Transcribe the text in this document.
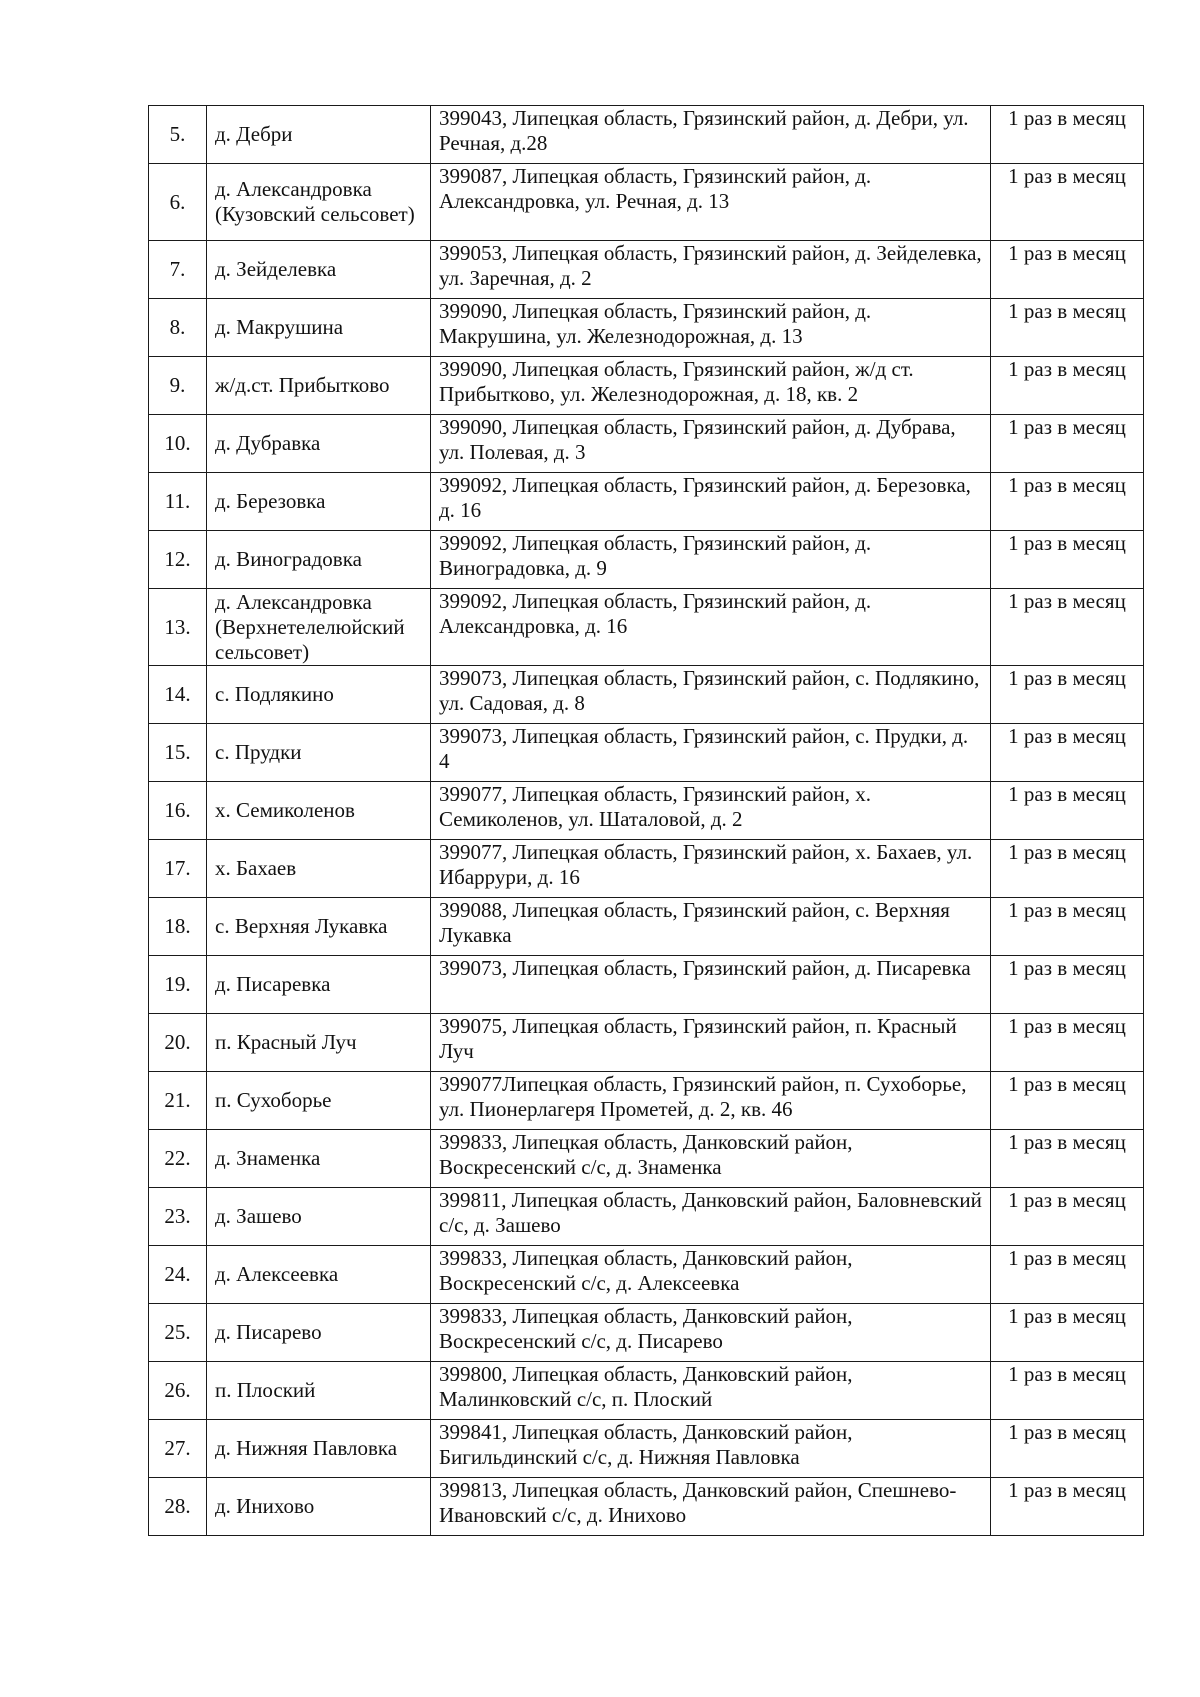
5.	д. Дебри	399043, Липецкая область, Грязинский район, д. Дебри, ул. Речная, д.28	1 раз в месяц
6.	д. Александровка (Кузовский сельсовет)	399087, Липецкая область, Грязинский район, д. Александровка, ул. Речная, д. 13	1 раз в месяц
7.	д. Зейделевка	399053, Липецкая область, Грязинский район, д. Зейделевка, ул. Заречная, д. 2	1 раз в месяц
8.	д. Макрушина	399090, Липецкая область, Грязинский район, д. Макрушина, ул. Железнодорожная, д. 13	1 раз в месяц
9.	ж/д.ст. Прибытково	399090, Липецкая область, Грязинский район, ж/д ст. Прибытково, ул. Железнодорожная, д. 18, кв. 2	1 раз в месяц
10.	д. Дубравка	399090, Липецкая область, Грязинский район, д. Дубрава, ул. Полевая, д. 3	1 раз в месяц
11.	д. Березовка	399092, Липецкая область, Грязинский район, д. Березовка, д. 16	1 раз в месяц
12.	д. Виноградовка	399092, Липецкая область, Грязинский район, д. Виноградовка, д. 9	1 раз в месяц
13.	д. Александровка (Верхнетелелюйский сельсовет)	399092, Липецкая область, Грязинский район, д. Александровка, д. 16	1 раз в месяц
14.	с. Подлякино	399073, Липецкая область, Грязинский район, с. Подлякино, ул. Садовая, д. 8	1 раз в месяц
15.	с. Прудки	399073, Липецкая область, Грязинский район, с. Прудки, д. 4	1 раз в месяц
16.	х. Семиколенов	399077, Липецкая область, Грязинский район, х. Семиколенов, ул. Шаталовой, д. 2	1 раз в месяц
17.	х. Бахаев	399077, Липецкая область, Грязинский район, х. Бахаев, ул. Ибаррури, д. 16	1 раз в месяц
18.	с. Верхняя Лукавка	399088, Липецкая область, Грязинский район, с. Верхняя Лукавка	1 раз в месяц
19.	д. Писаревка	399073, Липецкая область, Грязинский район, д. Писаревка	1 раз в месяц
20.	п. Красный Луч	399075, Липецкая область, Грязинский район, п. Красный Луч	1 раз в месяц
21.	п. Сухоборье	399077Липецкая область, Грязинский район, п. Сухоборье, ул. Пионерлагеря Прометей, д. 2, кв. 46	1 раз в месяц
22.	д. Знаменка	399833, Липецкая область, Данковский район, Воскресенский с/с, д. Знаменка	1 раз в месяц
23.	д. Зашево	399811, Липецкая область, Данковский район, Баловневский с/с, д. Зашево	1 раз в месяц
24.	д. Алексеевка	399833, Липецкая область, Данковский район, Воскресенский с/с, д. Алексеевка	1 раз в месяц
25.	д. Писарево	399833, Липецкая область, Данковский район, Воскресенский с/с, д. Писарево	1 раз в месяц
26.	п. Плоский	399800, Липецкая область, Данковский район, Малинковский с/с, п. Плоский	1 раз в месяц
27.	д. Нижняя Павловка	399841, Липецкая область, Данковский район, Бигильдинский с/с, д. Нижняя Павловка	1 раз в месяц
28.	д. Инихово	399813, Липецкая область, Данковский район, Спешнево-Ивановский с/с, д. Инихово	1 раз в месяц
